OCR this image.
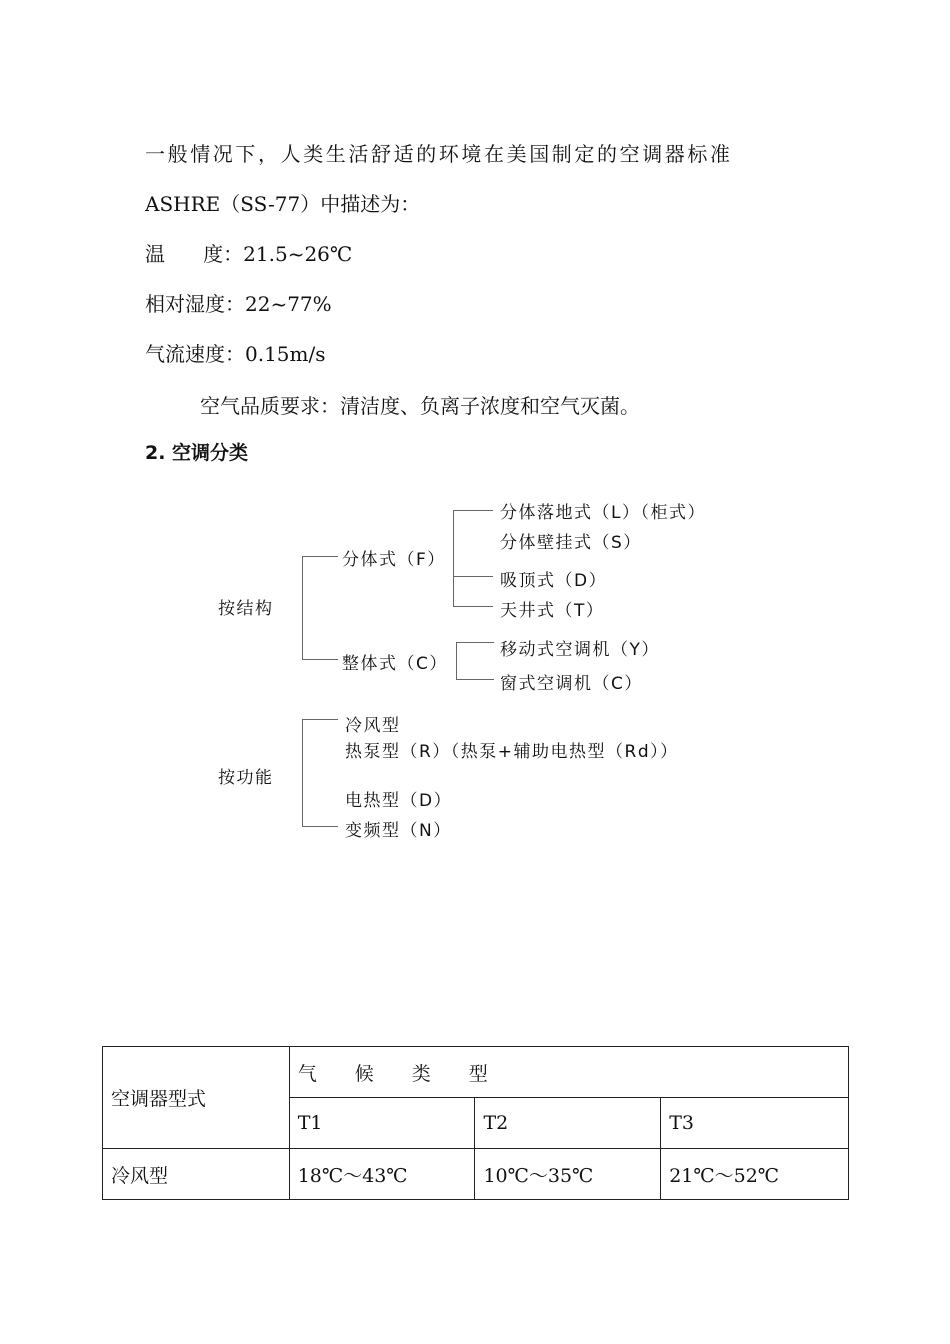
一般情况下，人类生活舒适的环境在美国制定的空调器标准
ASHRE（SS-77）中描述为：
温      度：21.5~26℃
相对湿度：22~77%
气流速度：0.15m/s
空气品质要求：清洁度、负离子浓度和空气灭菌。
2. 空调分类
按结构
分体式（F）
分体落地式（L）（柜式）
分体壁挂式（S）
吸顶式（D）
天井式（T）
整体式（C）
移动式空调机（Y）
窗式空调机（C）
按功能
冷风型
热泵型（R）（热泵+辅助电热型（Rd））
电热型（D）
变频型（N）
空调器型式	气候类型		
	T1	T2	T3
冷风型	18℃～43℃	10℃～35℃	21℃～52℃
